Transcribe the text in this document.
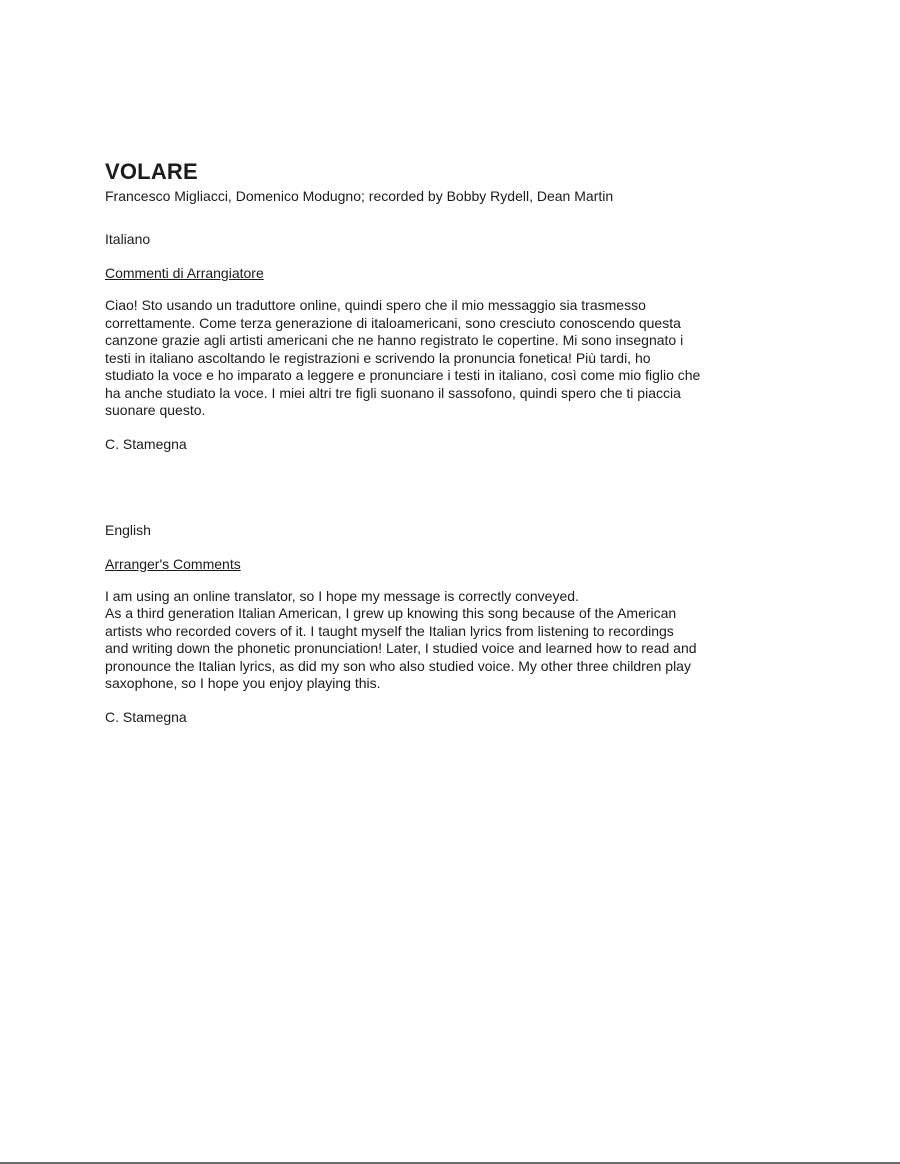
VOLARE

Francesco Migliacci, Domenico Modugno; recorded by Bobby Rydell, Dean Martin

Italiano

Commenti di Arrangiatore

Ciao! Sto usando un traduttore online, quindi spero che il mio messaggio sia trasmesso
correttamente. Come terza generazione di italoamericani, sono cresciuto conoscendo questa
canzone grazie agli artisti americani che ne hanno registrato le copertine. Mi sono insegnato i
testi in italiano ascoltando le registrazioni e scrivendo la pronuncia fonetica! Più tardi, ho
studiato la voce e ho imparato a leggere e pronunciare i testi in italiano, così come mio figlio che
ha anche studiato la voce. I miei altri tre figli suonano il sassofono, quindi spero che ti piaccia
suonare questo.

C. Stamegna

English

Arranger's Comments

I am using an online translator, so I hope my message is correctly conveyed.
As a third generation Italian American, I grew up knowing this song because of the American
artists who recorded covers of it. I taught myself the Italian lyrics from listening to recordings
and writing down the phonetic pronunciation! Later, I studied voice and learned how to read and
pronounce the Italian lyrics, as did my son who also studied voice. My other three children play
saxophone, so I hope you enjoy playing this.

C. Stamegna
